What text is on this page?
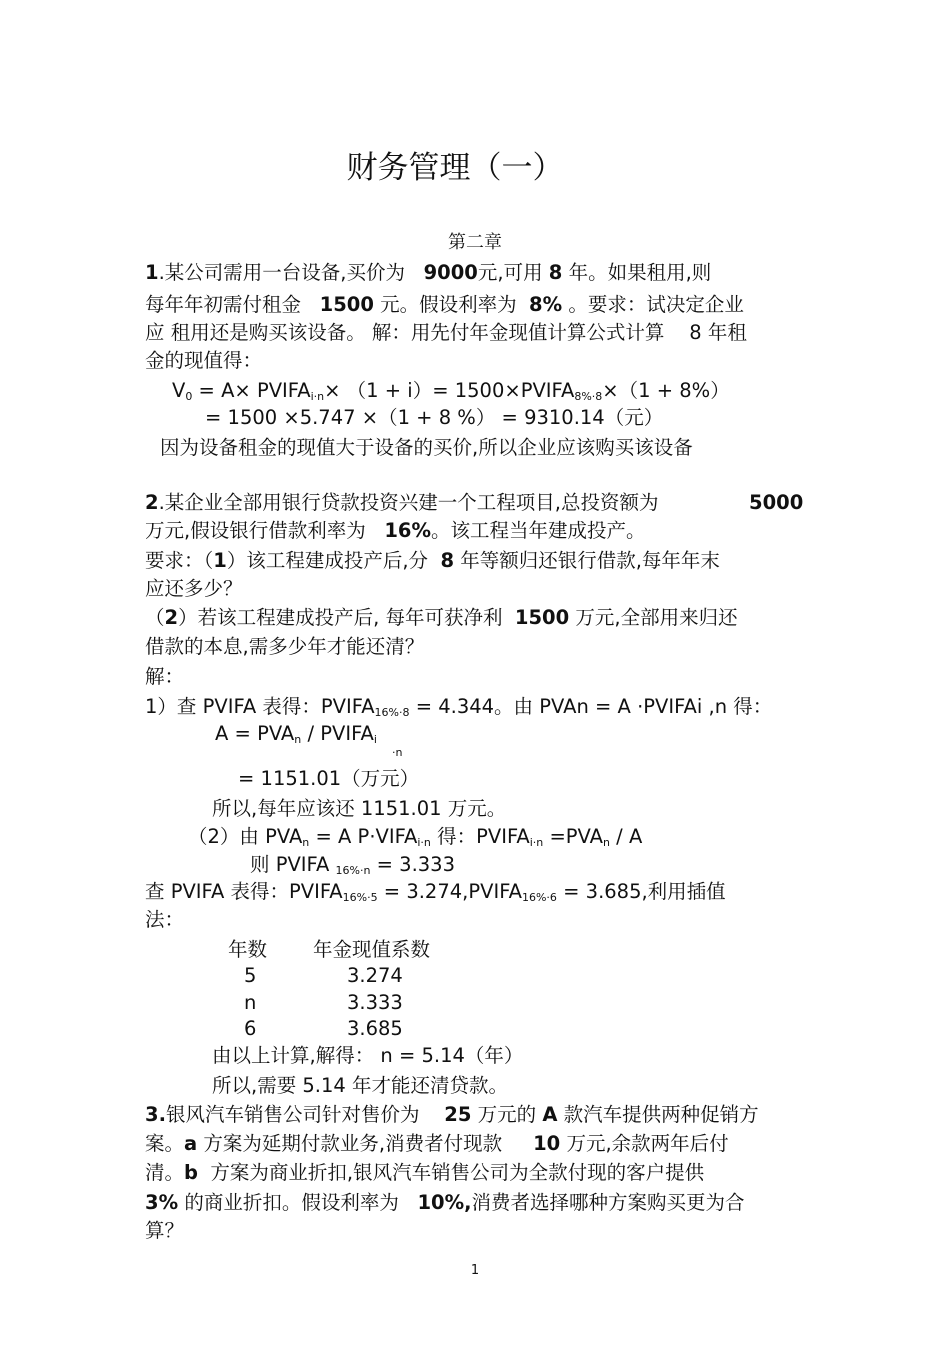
财务管理（一）
第二章
1.某公司需用一台设备,买价为 9000元,可用 8 年。如果租用,则
每年年初需付租金 1500 元。假设利率为 8% 。要求：试决定企业
应 租用还是购买该设备。 解：用先付年金现值计算公式计算 8 年租
金的现值得：
$V_0 = A\times$ $PVIFA_{i\cdot n}\times (1 + i)=$ $1500\times PVIFA_{8\%\cdot 8}\times(1 + 8\%)$
= 1500 ×5.747 ×（1 + 8 %） = 9310.14（元）
因为设备租金的现值大于设备的买价,所以企业应该购买该设备
2.某企业全部用银行贷款投资兴建一个工程项目,总投资额为	5000
万元,假设银行借款利率为 16%。该工程当年建成投产。
要求：（1）该工程建成投产后,分 8 年等额归还银行借款,每年年末
应还多少？
（2）若该工程建成投产后, 每年可获净利 1500 万元,全部用来归还
借款的本息,需多少年才能还清？
解：
1）查 PVIFA 表得：$PVIFA_{16\%\cdot 8} = 4.344$。由 PVAn = A ·PVIFAi ,n 得：
$A = PVA_n$ / $PVIFA_i$
·n
= 1151.01（万元）
所以,每年应该还 1151.01 万元。
（2）由 $PVA_n = A$ $P\cdot VIFA_{i\cdot n}$ 得：$PVIFA_{i\cdot n} =PVA_n / A$
则 PVIFA $_{16\%\cdot n}$ = 3.333
查 PVIFA 表得：$PVIFA_{16\%\cdot 5}$ = $3.274,PVIFA_{16\%\cdot 6} = 3.685$,利用插值
法：
年数 年金现值系数
5	3.274
n	3.333
6	3.685
由以上计算,解得： n = 5.14（年）
所以,需要 5.14 年才能还清贷款。
3.银风汽车销售公司针对售价为 25 万元的 A 款汽车提供两种促销方
案。a 方案为延期付款业务,消费者付现款 10 万元,余款两年后付
清。b 方案为商业折扣,银风汽车销售公司为全款付现的客户提供
3% 的商业折扣。假设利率为 10%,消费者选择哪种方案购买更为合
算？
1
